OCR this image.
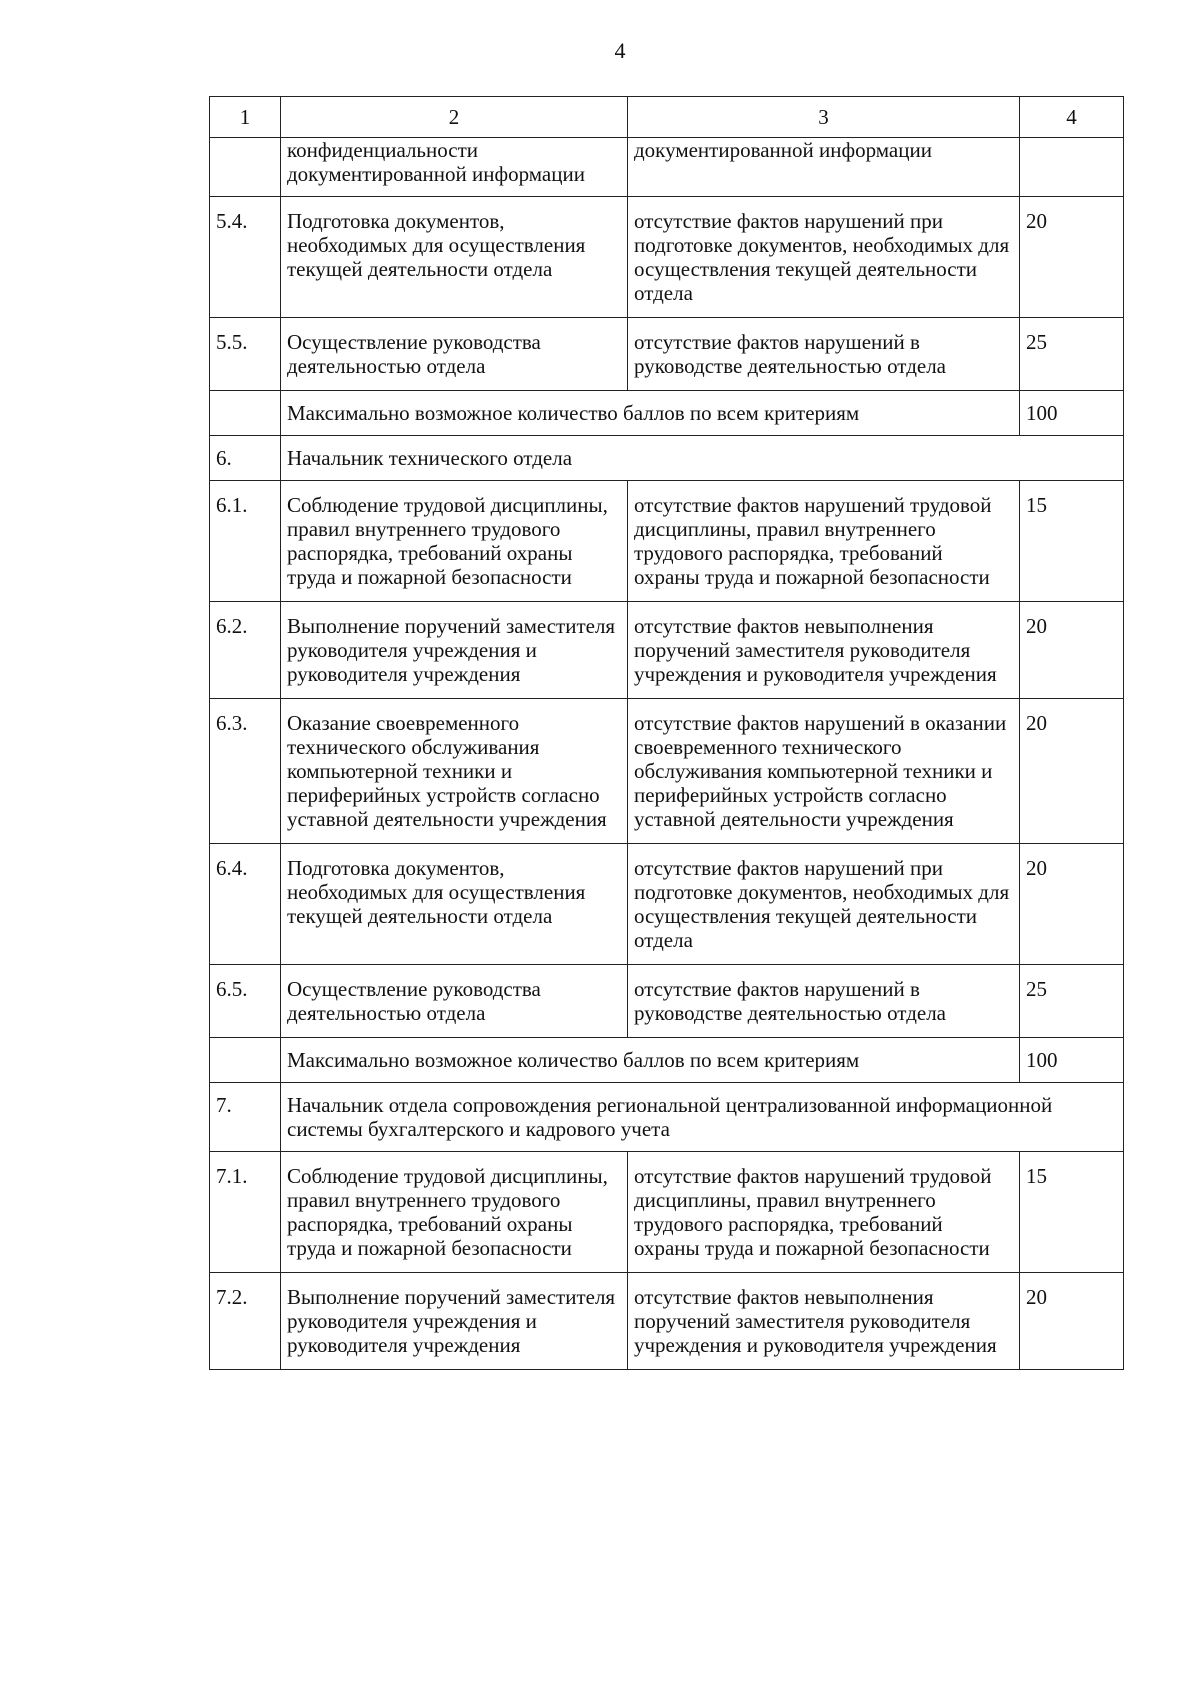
4
1	2	3	4
	конфиденциальности документированной информации	документированной информации	
5.4.	Подготовка документов, необходимых для осуществления текущей деятельности отдела	отсутствие фактов нарушений при подготовке документов, необходимых для осуществления текущей деятельности отдела	20
5.5.	Осуществление руководства деятельностью отдела	отсутствие фактов нарушений в руководстве деятельностью отдела	25
	Максимально возможное количество баллов по всем критериям		100
6.	Начальник технического отдела		
6.1.	Соблюдение трудовой дисциплины, правил внутреннего трудового распорядка, требований охраны труда и пожарной безопасности	отсутствие фактов нарушений трудовой дисциплины, правил внутреннего трудового распорядка, требований охраны труда и пожарной безопасности	15
6.2.	Выполнение поручений заместителя руководителя учреждения и руководителя учреждения	отсутствие фактов невыполнения поручений заместителя руководителя учреждения и руководителя учреждения	20
6.3.	Оказание своевременного технического обслуживания компьютерной техники и периферийных устройств согласно уставной деятельности учреждения	отсутствие фактов нарушений в оказании своевременного технического обслуживания компьютерной техники и периферийных устройств согласно уставной деятельности учреждения	20
6.4.	Подготовка документов, необходимых для осуществления текущей деятельности отдела	отсутствие фактов нарушений при подготовке документов, необходимых для осуществления текущей деятельности отдела	20
6.5.	Осуществление руководства деятельностью отдела	отсутствие фактов нарушений в руководстве деятельностью отдела	25
	Максимально возможное количество баллов по всем критериям		100
7.	Начальник отдела сопровождения региональной централизованной информационной системы бухгалтерского и кадрового учета		
7.1.	Соблюдение трудовой дисциплины, правил внутреннего трудового распорядка, требований охраны труда и пожарной безопасности	отсутствие фактов нарушений трудовой дисциплины, правил внутреннего трудового распорядка, требований охраны труда и пожарной безопасности	15
7.2.	Выполнение поручений заместителя руководителя учреждения и руководителя учреждения	отсутствие фактов невыполнения поручений заместителя руководителя учреждения и руководителя учреждения	20
